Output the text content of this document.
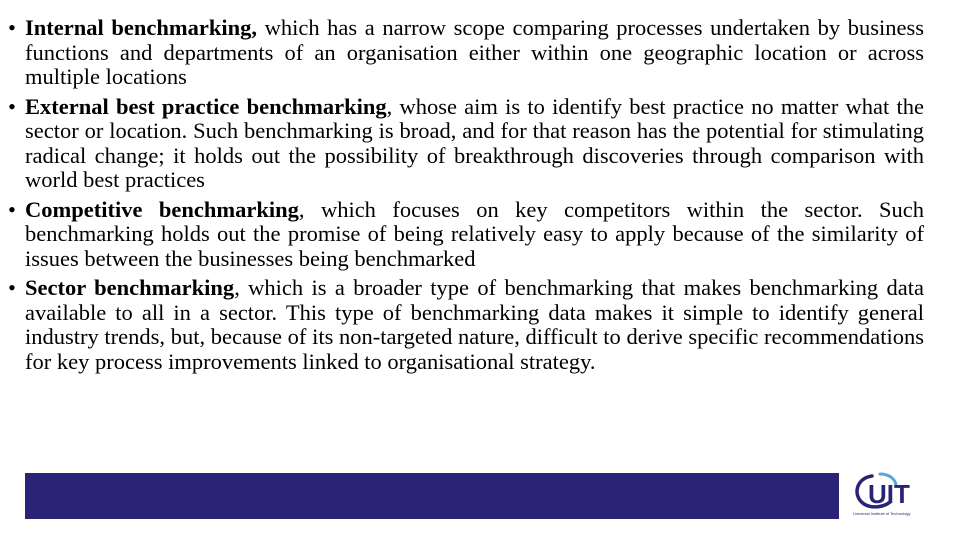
• Internal benchmarking, which has a narrow scope comparing processes undertaken by business functions and departments of an organisation either within one geographic location or across multiple locations
• External best practice benchmarking, whose aim is to identify best practice no matter what the sector or location. Such benchmarking is broad, and for that reason has the potential for stimulating radical change; it holds out the possibility of breakthrough discoveries through comparison with world best practices
• Competitive benchmarking, which focuses on key competitors within the sector. Such benchmarking holds out the promise of being relatively easy to apply because of the similarity of issues between the businesses being benchmarked
• Sector benchmarking, which is a broader type of benchmarking that makes benchmarking data available to all in a sector. This type of benchmarking data makes it simple to identify general industry trends, but, because of its non-targeted nature, difficult to derive specific recommendations for key process improvements linked to organisational strategy.
UIT
Universal Institute of Technology
